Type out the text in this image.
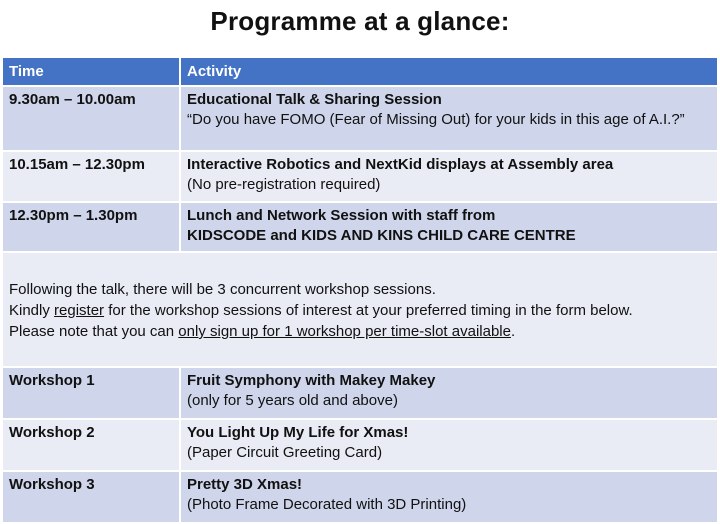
Programme at a glance:
Time	Activity
9.30am – 10.00am	Educational Talk & Sharing Session
“Do you have FOMO (Fear of Missing Out) for your kids in this age of A.I.?”
10.15am – 12.30pm	Interactive Robotics and NextKid displays at Assembly area
(No pre-registration required)
12.30pm – 1.30pm	Lunch and Network Session with staff from
KIDSCODE and KIDS AND KINS CHILD CARE CENTRE
Following the talk, there will be 3 concurrent workshop sessions.
Kindly register for the workshop sessions of interest at your preferred timing in the form below.
Please note that you can only sign up for 1 workshop per time-slot available.
Workshop 1	Fruit Symphony with Makey Makey
(only for 5 years old and above)
Workshop 2	You Light Up My Life for Xmas!
(Paper Circuit Greeting Card)
Workshop 3	Pretty 3D Xmas!
(Photo Frame Decorated with 3D Printing)
